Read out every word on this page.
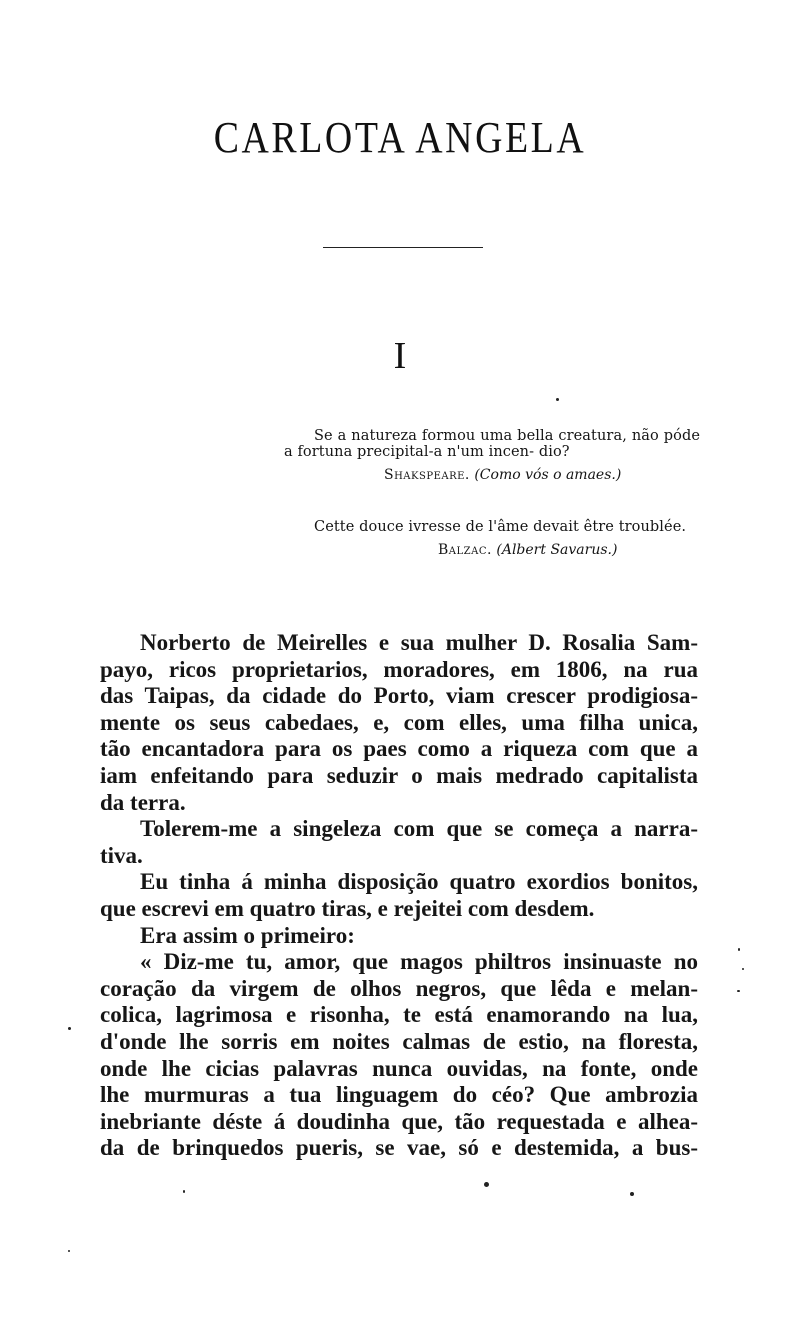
CARLOTA ANGELA
I
Se a natureza formou uma bella creatura, não póde a fortuna precipital-a n'um incen- dio?
Shakspeare. (Como vós o amaes.)
Cette douce ivresse de l'âme devait être troublée.
Balzac. (Albert Savarus.)
Norberto de Meirelles e sua mulher D. Rosalia Sam-
payo, ricos proprietarios, moradores, em 1806, na rua
das Taipas, da cidade do Porto, viam crescer prodigiosa-
mente os seus cabedaes, e, com elles, uma filha unica,
tão encantadora para os paes como a riqueza com que a
iam enfeitando para seduzir o mais medrado capitalista
da terra.
Tolerem-me a singeleza com que se começa a narra-
tiva.
Eu tinha á minha disposição quatro exordios bonitos,
que escrevi em quatro tiras, e rejeitei com desdem.
Era assim o primeiro:
« Diz-me tu, amor, que magos philtros insinuaste no
coração da virgem de olhos negros, que lêda e melan-
colica, lagrimosa e risonha, te está enamorando na lua,
d'onde lhe sorris em noites calmas de estio, na floresta,
onde lhe cicias palavras nunca ouvidas, na fonte, onde
lhe murmuras a tua linguagem do céo? Que ambrozia
inebriante déste á doudinha que, tão requestada e alhea-
da de brinquedos pueris, se vae, só e destemida, a bus-
